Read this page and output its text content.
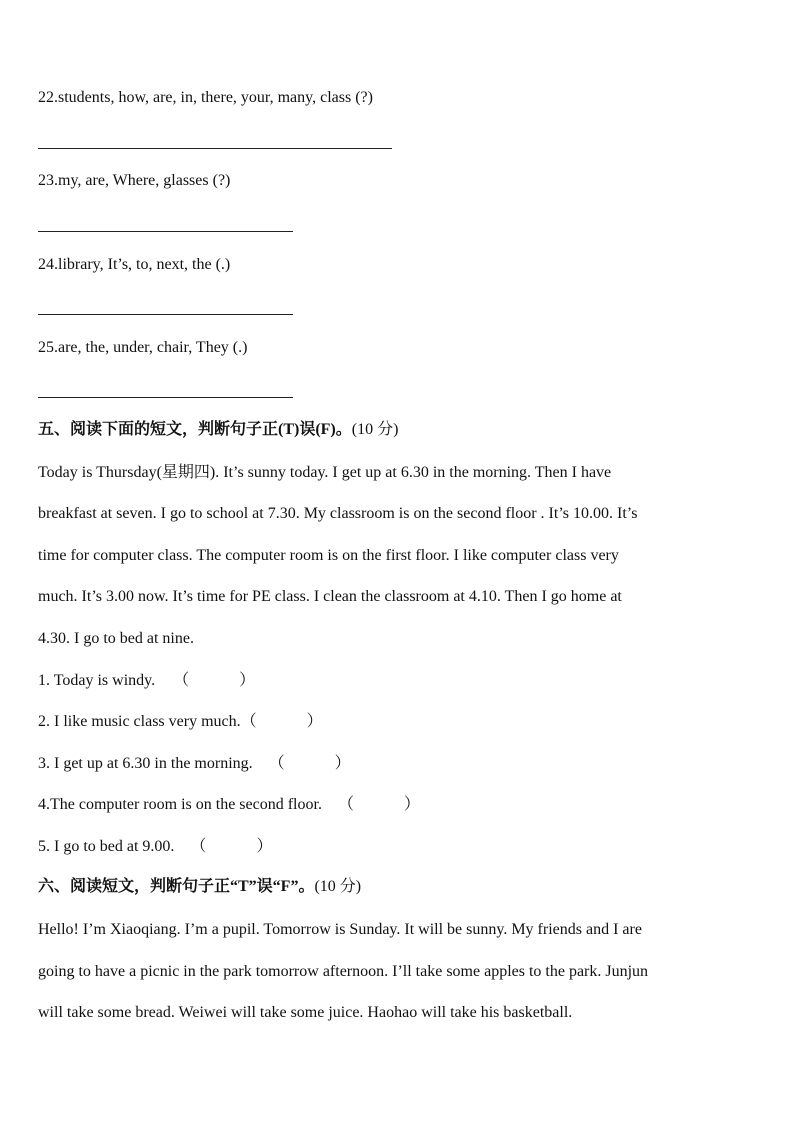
22.students, how, are, in, there, your, many, class (?)
23.my, are, Where, glasses (?)
24.library, It’s, to, next, the (.)
25.are, the, under, chair, They (.)
五、阅读下面的短文，判断句子正(T)误(F)。(10 分)
Today is Thursday(星期四). It’s sunny today. I get up at 6.30 in the morning. Then I have
breakfast at seven. I go to school at 7.30. My classroom is on the second floor . It’s 10.00. It’s
time for computer class. The computer room is on the first floor. I like computer class very
much. It’s 3.00 now. It’s time for PE class. I clean the classroom at 4.10. Then I go home at
4.30. I go to bed at nine.
1. Today is windy. （	）
2. I like music class very much.（	）
3. I get up at 6.30 in the morning. （	）
4.The computer room is on the second floor. （	）
5. I go to bed at 9.00. （	）
六、阅读短文，判断句子正“T”误“F”。(10 分)
Hello! I’m Xiaoqiang. I’m a pupil. Tomorrow is Sunday. It will be sunny. My friends and I are
going to have a picnic in the park tomorrow afternoon. I’ll take some apples to the park. Junjun
will take some bread. Weiwei will take some juice. Haohao will take his basketball.
